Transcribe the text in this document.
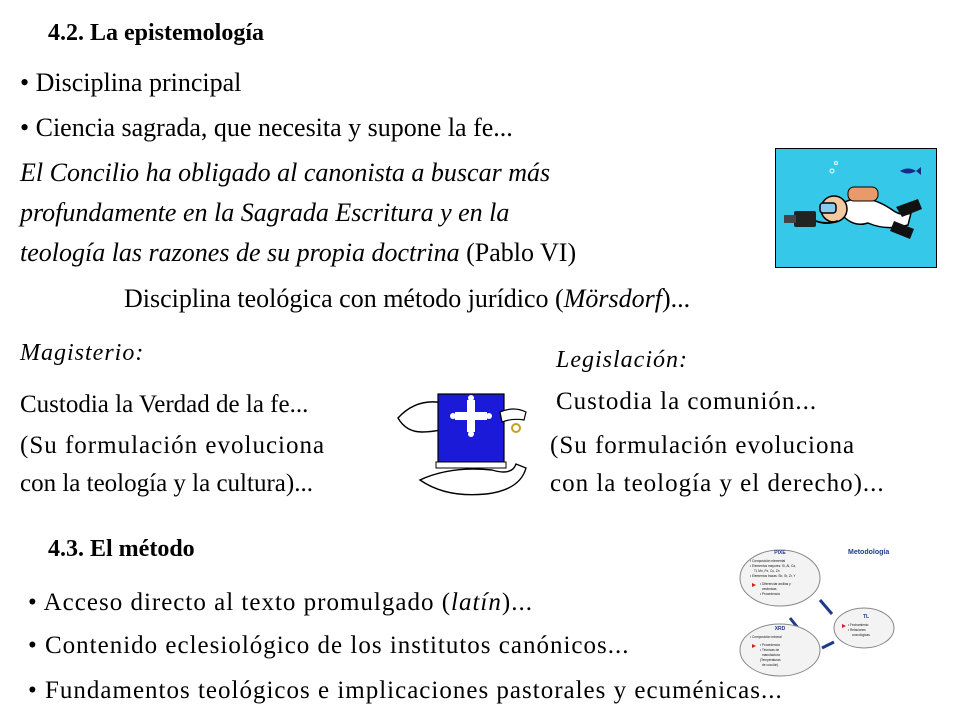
4.2. La epistemología
• Disciplina principal
• Ciencia sagrada, que necesita y supone la fe...
El Concilio ha obligado al canonista a buscar más
profundamente en la Sagrada Escritura y en la
teología las razones de su propia doctrina (Pablo VI)
Disciplina teológica con método jurídico (Mörsdorf)...
Magisterio:
Custodia la Verdad de la fe...
(Su formulación evoluciona
con la teología y la cultura)...
Legislación:
Custodia la comunión...
(Su formulación evoluciona
con la teología y el derecho)...
4.3. El método
• Acceso directo al texto promulgado (latín)...
• Contenido eclesiológico de los institutos canónicos...
• Fundamentos teológicos e implicaciones pastorales y ecuménicas...
Metodología
PIXE
• Composición elemental
• Elementos mayores: Si, Al, Ca,
Ti, Mn, Fe, Cu, Zn
• Elementos trazas: Sb, Sr, Zr, Y
• Diferenciar arcillas y
cerámicas
• Procedencia
TL
• Fechamiento
• Relaciones
cronológicas
XRD
• Composición mineral
• Procedencia
• Técnicas de
manufactura
(Temperaturas
de cocción)
